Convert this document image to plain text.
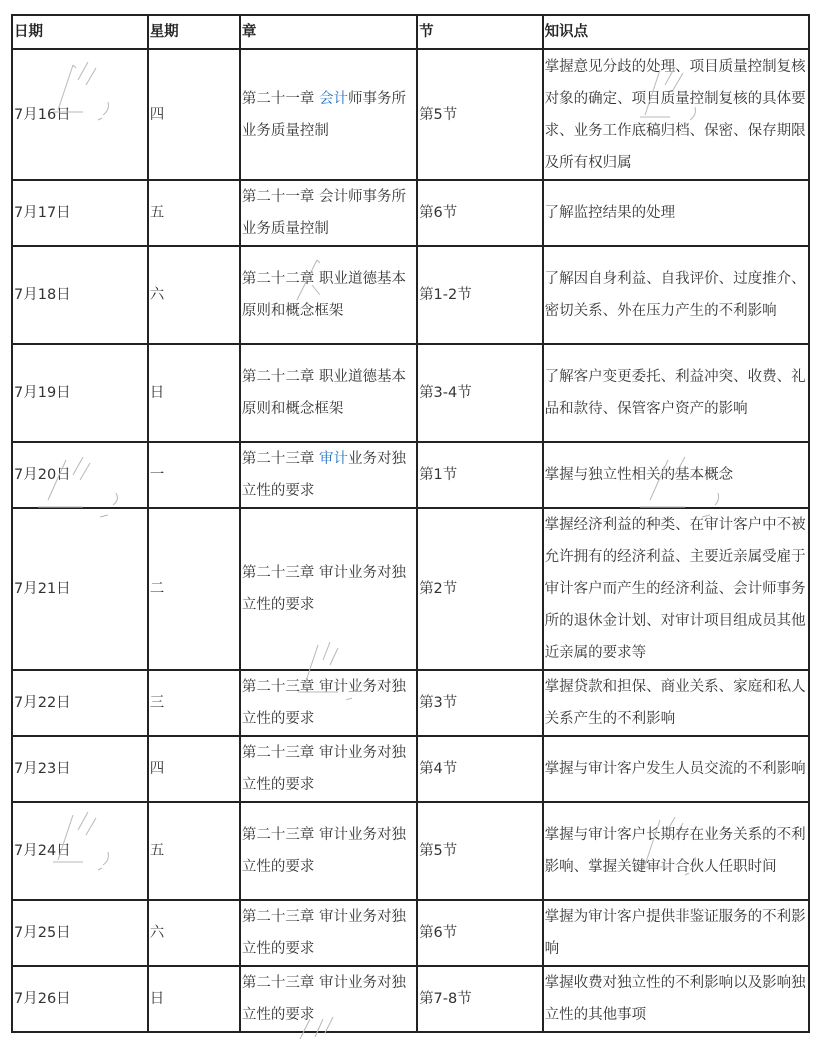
日期	星期	章	节	知识点
7月16日	四	第二十一章 会计师事务所业务质量控制	第5节	掌握意见分歧的处理、项目质量控制复核对象的确定、项目质量控制复核的具体要求、业务工作底稿归档、保密、保存期限及所有权归属
7月17日	五	第二十一章 会计师事务所业务质量控制	第6节	了解监控结果的处理
7月18日	六	第二十二章 职业道德基本原则和概念框架	第1-2节	了解因自身利益、自我评价、过度推介、密切关系、外在压力产生的不利影响
7月19日	日	第二十二章 职业道德基本原则和概念框架	第3-4节	了解客户变更委托、利益冲突、收费、礼品和款待、保管客户资产的影响
7月20日	一	第二十三章 审计业务对独立性的要求	第1节	掌握与独立性相关的基本概念
7月21日	二	第二十三章 审计业务对独立性的要求	第2节	掌握经济利益的种类、在审计客户中不被允许拥有的经济利益、主要近亲属受雇于审计客户而产生的经济利益、会计师事务所的退休金计划、对审计项目组成员其他近亲属的要求等
7月22日	三	第二十三章 审计业务对独立性的要求	第3节	掌握贷款和担保、商业关系、家庭和私人关系产生的不利影响
7月23日	四	第二十三章 审计业务对独立性的要求	第4节	掌握与审计客户发生人员交流的不利影响
7月24日	五	第二十三章 审计业务对独立性的要求	第5节	掌握与审计客户长期存在业务关系的不利影响、掌握关键审计合伙人任职时间
7月25日	六	第二十三章 审计业务对独立性的要求	第6节	掌握为审计客户提供非鉴证服务的不利影响
7月26日	日	第二十三章 审计业务对独立性的要求	第7-8节	掌握收费对独立性的不利影响以及影响独立性的其他事项
